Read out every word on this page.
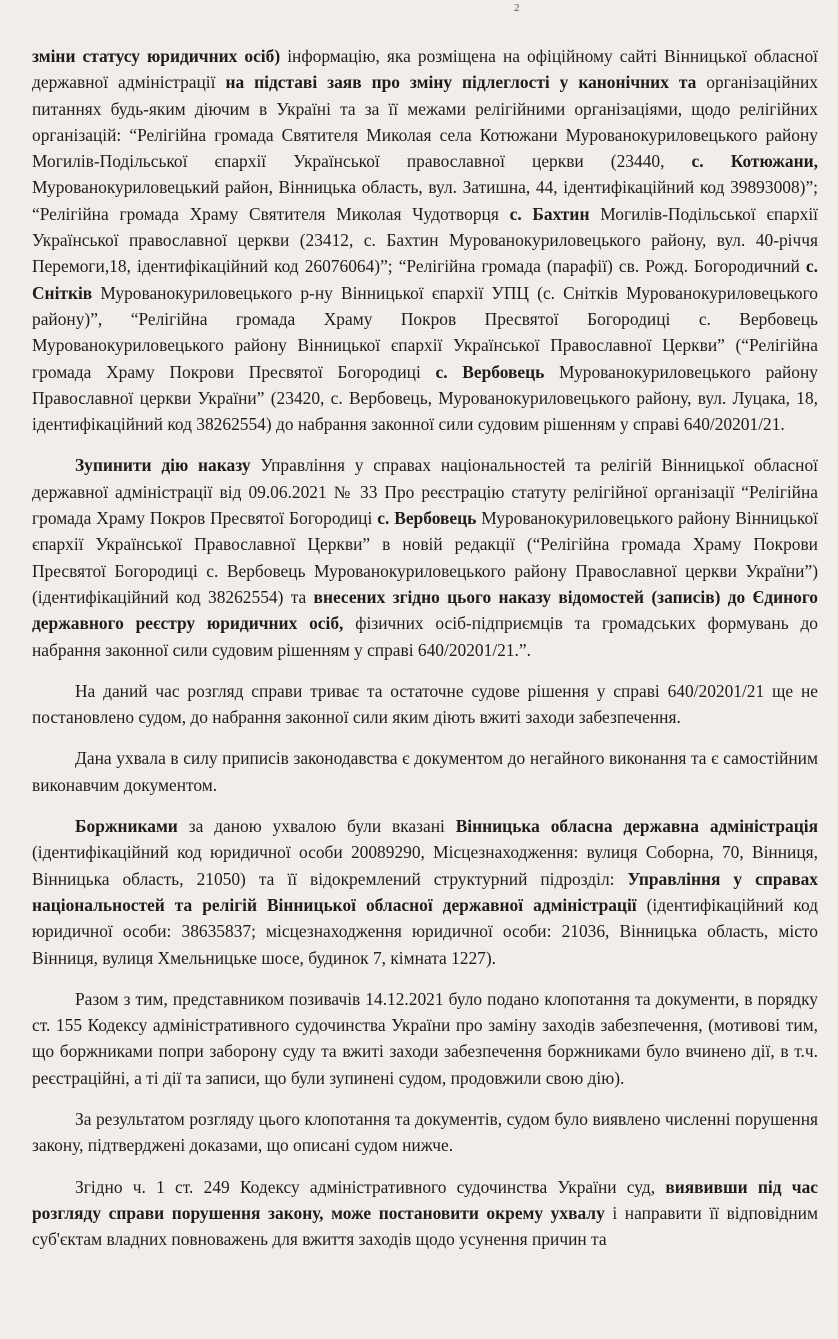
2

зміни статусу юридичних осіб) інформацію, яка розміщена на офіційному сайті Вінницької обласної державної адміністрації на підставі заяв про зміну підлеглості у канонічних та організаційних питаннях будь-яким діючим в Україні та за її межами релігійними організаціями, щодо релігійних організацій: “Релігійна громада Святителя Миколая села Котюжани Мурованокуриловецького району Могилів-Подільської єпархії Української православної церкви (23440, с. Котюжани, Мурованокуриловецький район, Вінницька область, вул. Затишна, 44, ідентифікаційний код 39893008)”; “Релігійна громада Храму Святителя Миколая Чудотворця с. Бахтин Могилів-Подільської єпархії Української православної церкви (23412, с. Бахтин Мурованокуриловецького району, вул. 40-річчя Перемоги,18, ідентифікаційний код 26076064)”; “Релігійна громада (парафії) св. Рожд. Богородичний с. Снітків Мурованокуриловецького р-ну Вінницької єпархії УПЦ (с. Снітків Мурованокуриловецького району)”, “Релігійна громада Храму Покров Пресвятої Богородиці с. Вербовець Мурованокуриловецького району Вінницької єпархії Української Православної Церкви” (“Релігійна громада Храму Покрови Пресвятої Богородиці с. Вербовець Мурованокуриловецького району Православної церкви України” (23420, с. Вербовець, Мурованокуриловецького району, вул. Луцака, 18, ідентифікаційний код 38262554) до набрання законної сили судовим рішенням у справі 640/20201/21.

Зупинити дію наказу Управління у справах національностей та релігій Вінницької обласної державної адміністрації від 09.06.2021 № 33 Про реєстрацію статуту релігійної організації “Релігійна громада Храму Покров Пресвятої Богородиці с. Вербовець Мурованокуриловецького району Вінницької єпархії Української Православної Церкви” в новій редакції (“Релігійна громада Храму Покрови Пресвятої Богородиці с. Вербовець Мурованокуриловецького району Православної церкви України”) (ідентифікаційний код 38262554) та внесених згідно цього наказу відомостей (записів) до Єдиного державного реєстру юридичних осіб, фізичних осіб-підприємців та громадських формувань до набрання законної сили судовим рішенням у справі 640/20201/21.”.

На даний час розгляд справи триває та остаточне судове рішення у справі 640/20201/21 ще не постановлено судом, до набрання законної сили яким діють вжиті заходи забезпечення.

Дана ухвала в силу приписів законодавства є документом до негайного виконання та є самостійним виконавчим документом.

Боржниками за даною ухвалою були вказані Вінницька обласна державна адміністрація (ідентифікаційний код юридичної особи 20089290, Місцезнаходження: вулиця Соборна, 70, Вінниця, Вінницька область, 21050) та її відокремлений структурний підрозділ: Управління у справах національностей та релігій Вінницької обласної державної адміністрації (ідентифікаційний код юридичної особи: 38635837; місцезнаходження юридичної особи: 21036, Вінницька область, місто Вінниця, вулиця Хмельницьке шосе, будинок 7, кімната 1227).

Разом з тим, представником позивачів 14.12.2021 було подано клопотання та документи, в порядку ст. 155 Кодексу адміністративного судочинства України про заміну заходів забезпечення, (мотивові тим, що боржниками попри заборону суду та вжиті заходи забезпечення боржниками було вчинено дії, в т.ч. реєстраційні, а ті дії та записи, що були зупинені судом, продовжили свою дію).

За результатом розгляду цього клопотання та документів, судом було виявлено численні порушення закону, підтверджені доказами, що описані судом нижче.

Згідно ч. 1 ст. 249 Кодексу адміністративного судочинства України суд, виявивши під час розгляду справи порушення закону, може постановити окрему ухвалу і направити її відповідним суб'єктам владних повноважень для вжиття заходів щодо усунення причин та
